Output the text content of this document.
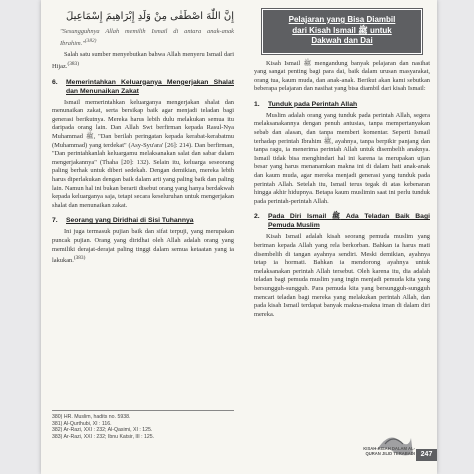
إِنَّ اللّٰهَ اصْطَفٰى مِنْ وَلَدِ إِبْرَاهِيمَ إِسْمَاعِيلَ

"Sesungguhnya Allah memilih Ismail di antara anak-anak Ibrahim."$^{(382)}$

Salah satu sumber menyebutkan bahwa Allah menyeru Ismail dari Hijaz.$^{(383)}$

6.	Memerintahkan Keluarganya Mengerjakan Shalat dan Menunaikan Zakat

Ismail memerintahkan keluarganya mengerjakan shalat dan menunaikan zakat, serta bersikap baik agar menjadi teladan bagi generasi berikutnya. Mereka harus lebih dulu melakukan semua itu daripada orang lain. Dan Allah Swt berfirman kepada Rasul-Nya Muhammad ﷺ, "Dan berilah peringatan kepada kerabat-kerabatmu (Muhammad) yang terdekat" (Asy-Syu'ara' [26]: 214). Dan berfirman, "Dan perintahkanlah keluargamu melaksanakan salat dan sabar dalam mengerjakannya" (Thaha [20]: 132). Selain itu, keluarga seseorang paling berhak untuk diberi sedekah. Dengan demikian, mereka lebih harus diperlakukan dengan baik dalam arti yang paling baik dan paling lain. Namun hal ini bukan berarti disebut orang yang hanya berdakwah kepada keluarganya saja, tetapi secara keseluruhan untuk mengerjakan shalat dan menunaikan zakat.

7.	Seorang yang Diridhai di Sisi Tuhannya

Ini juga termasuk pujian baik dan sifat terpuji, yang merupakan puncak pujian. Orang yang diridhai oleh Allah adalah orang yang memiliki derajat-derajat paling tinggi dalam semua ketaatan yang ia lakukan.$^{(383)}$

380) HR. Muslim, hadits no. 5938.
381) Al-Qurthubi, XI : 116.
382) Ar-Razi, XXI : 232; Al-Qasimi, XI : 125.
383) Ar-Razi, XXI : 232; Ibnu Katsir, III : 125.
Pelajaran yang Bisa Diambil
dari Kisah Ismail ﷺ untuk
Dakwah dan Dai

Kisah Ismail ﷺ mengandung banyak pelajaran dan nasihat yang sangat penting bagi para dai, baik dalam urusan masyarakat, orang tua, kaum muda, dan anak-anak. Berikut akan kami sebutkan beberapa pelajaran dan nasihat yang bisa diambil dari kisah Ismail:

1.	Tunduk pada Perintah Allah

Muslim adalah orang yang tunduk pada perintah Allah, segera melaksanakannya dengan penuh antusias, tanpa mempertanyakan sebab dan alasan, dan tanpa memberi komentar. Seperti Ismail terhadap perintah Ibrahim ﷺ, ayahnya, tanpa berpikir panjang dan tanpa ragu, ia menerima perintah Allah untuk disembelih anaknya. Ismail tidak bisa menghindari hal ini karena ia merupakan ujian besar yang harus menanamkan makna ini di dalam hati anak-anak dan kaum muda, agar mereka menjadi generasi yang tunduk pada perintah Allah. Setelah itu, Ismail terus tegak di atas kebenaran hingga akhir hidupnya. Betapa kaum muslimin saat ini perlu tunduk pada perintah-perintah Allah.

2.	Pada Diri Ismail ﷺ Ada Teladan Baik Bagi Pemuda Muslim

Kisah Ismail adalah kisah seorang pemuda muslim yang beriman kepada Allah yang rela berkorban. Bahkan ia harus mati disembelih di tangan ayahnya sendiri. Meski demikian, ayahnya tetap ia hormati. Bahkan ia mendorong ayahnya untuk melaksanakan perintah Allah tersebut. Oleh karena itu, dia adalah teladan bagi pemuda muslim yang ingin menjadi pemuda kita yang bersungguh-sungguh. Para pemuda kita yang bersungguh-sungguh mencari teladan bagi mereka yang melakukan perintah Allah, dan pada kisah Ismail terdapat banyak makna-makna iman di dalam diri mereka.

KISAH-KISAH DALAM AL-QURAN JILID TERABADI 247
